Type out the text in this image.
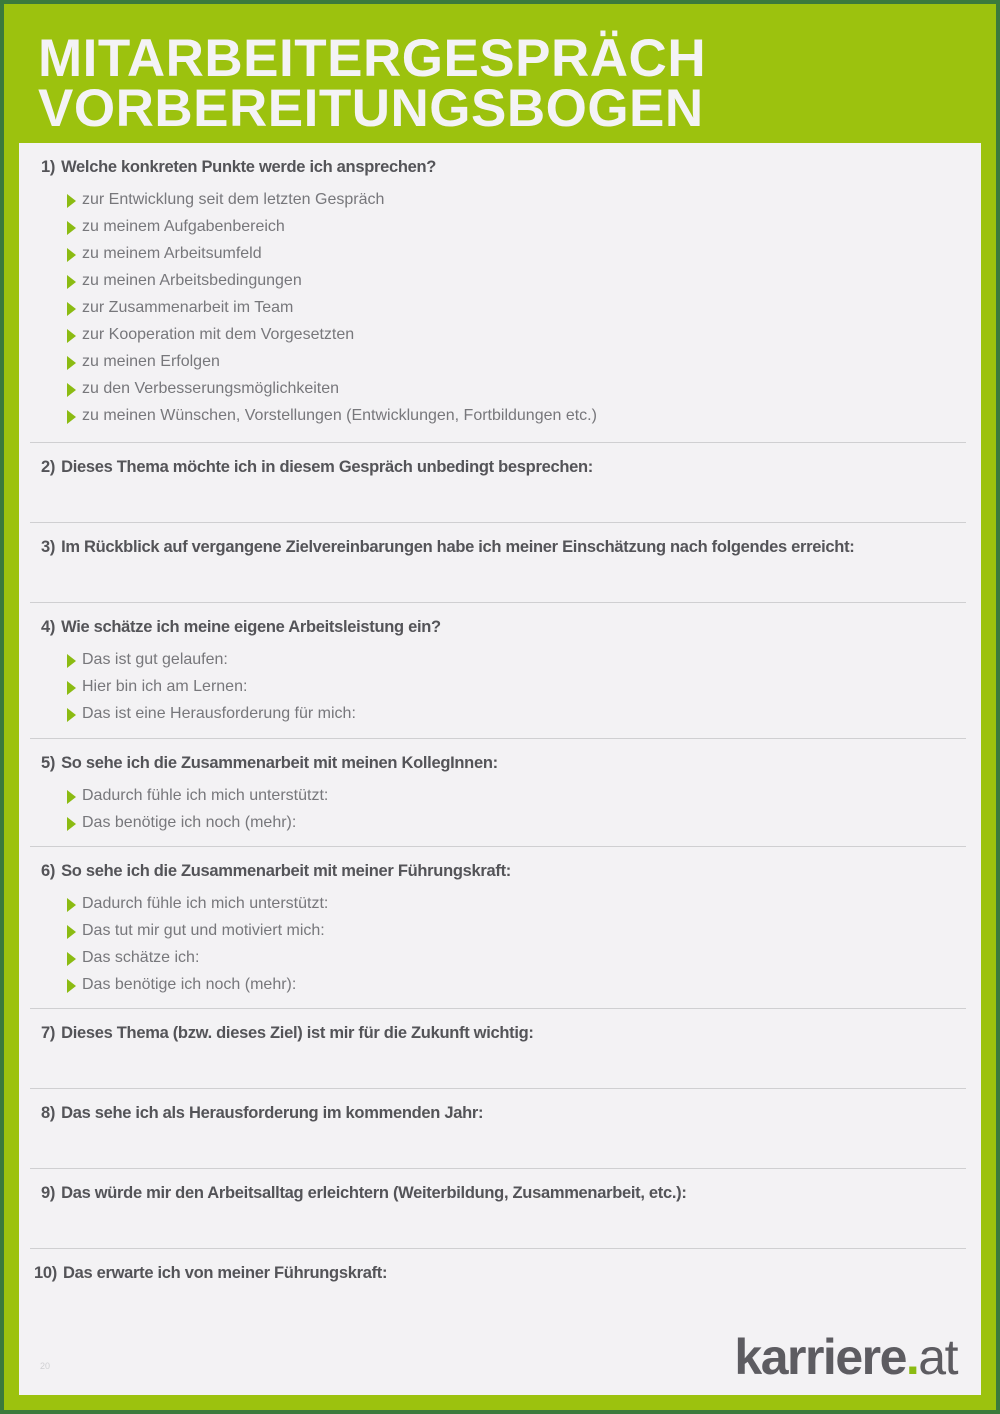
MITARBEITERGESPRÄCH
VORBEREITUNGSBOGEN
1) Welche konkreten Punkte werde ich ansprechen?
zur Entwicklung seit dem letzten Gespräch
zu meinem Aufgabenbereich
zu meinem Arbeitsumfeld
zu meinen Arbeitsbedingungen
zur Zusammenarbeit im Team
zur Kooperation mit dem Vorgesetzten
zu meinen Erfolgen
zu den Verbesserungsmöglichkeiten
zu meinen Wünschen, Vorstellungen (Entwicklungen, Fortbildungen etc.)
2) Dieses Thema möchte ich in diesem Gespräch unbedingt besprechen:
3) Im Rückblick auf vergangene Zielvereinbarungen habe ich meiner Einschätzung nach folgendes erreicht:
4) Wie schätze ich meine eigene Arbeitsleistung ein?
Das ist gut gelaufen:
Hier bin ich am Lernen:
Das ist eine Herausforderung für mich:
5) So sehe ich die Zusammenarbeit mit meinen KollegInnen:
Dadurch fühle ich mich unterstützt:
Das benötige ich noch (mehr):
6) So sehe ich die Zusammenarbeit mit meiner Führungskraft:
Dadurch fühle ich mich unterstützt:
Das tut mir gut und motiviert mich:
Das schätze ich:
Das benötige ich noch (mehr):
7) Dieses Thema (bzw. dieses Ziel) ist mir für die Zukunft wichtig:
8) Das sehe ich als Herausforderung im kommenden Jahr:
9) Das würde mir den Arbeitsalltag erleichtern (Weiterbildung, Zusammenarbeit, etc.):
10) Das erwarte ich von meiner Führungskraft:
20	karriere.at
